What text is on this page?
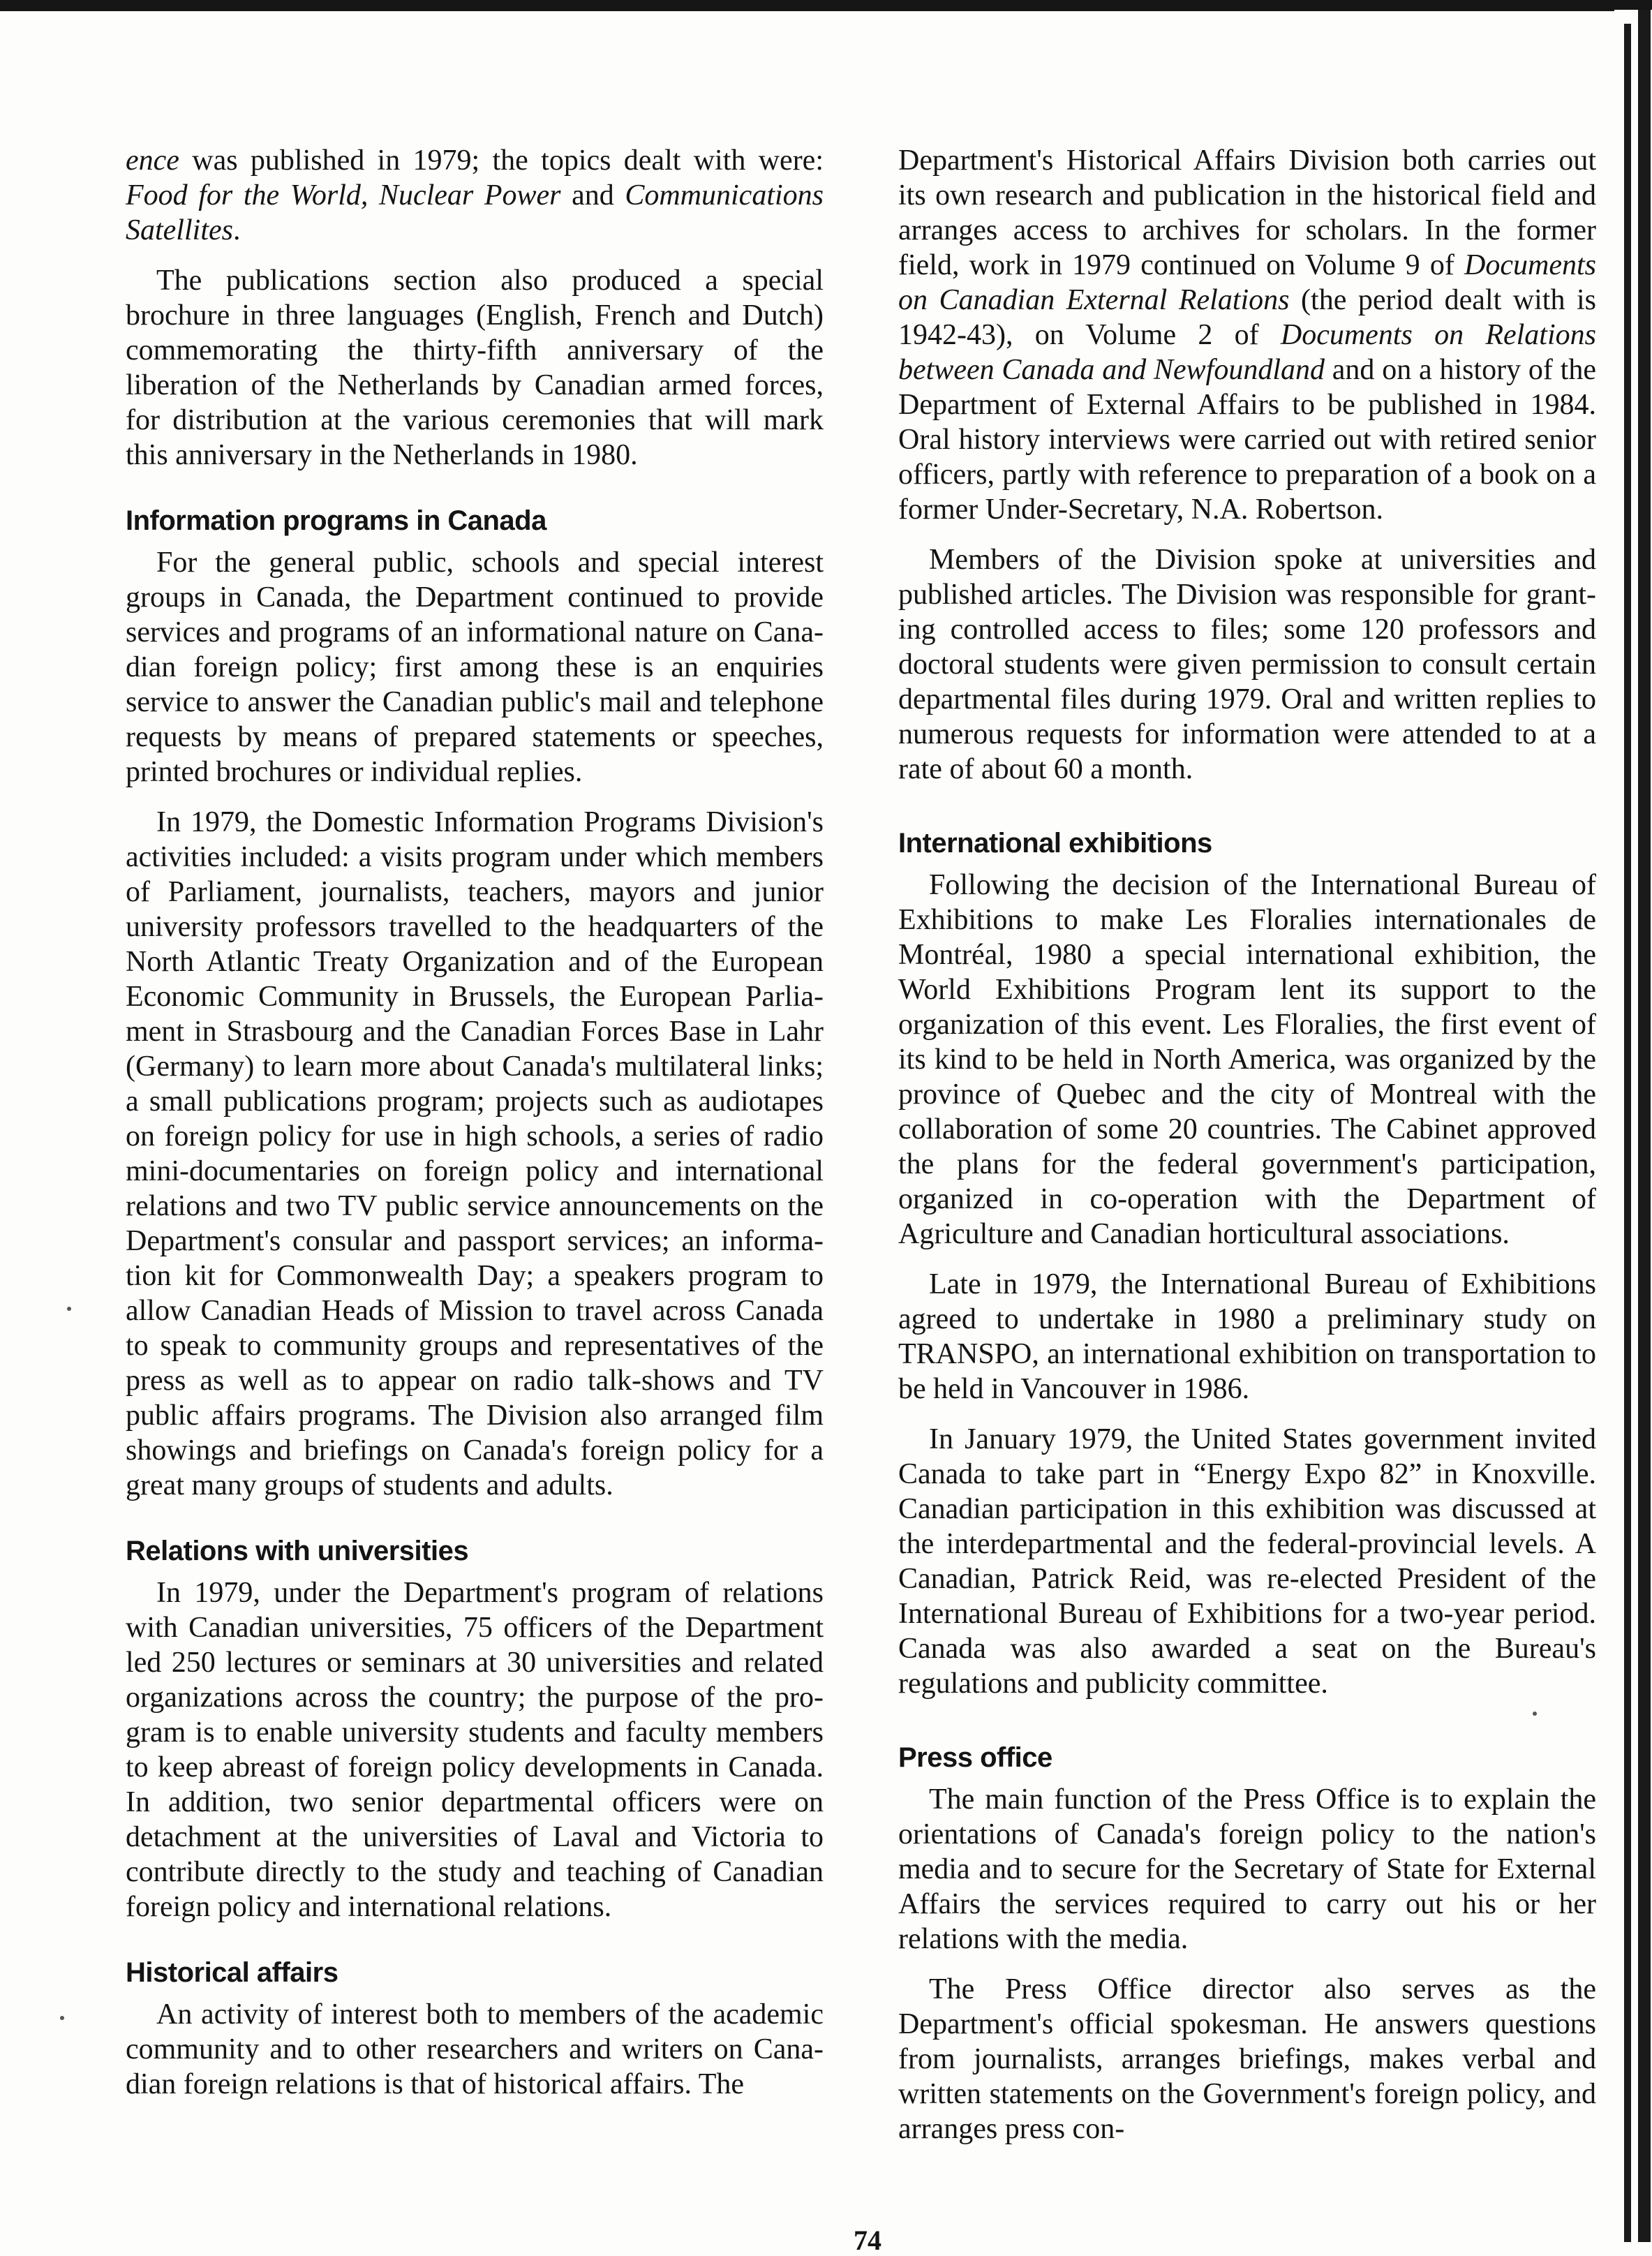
ence was published in 1979; the topics dealt with were: Food for the World, Nuclear Power and Communications Satellites.

The publications section also produced a special brochure in three languages (English, French and Dutch) commemorating the thirty-fifth anniversary of the liberation of the Netherlands by Canadian armed forces, for distribution at the various ceremonies that will mark this anniversary in the Netherlands in 1980.

Information programs in Canada

For the general public, schools and special interest groups in Canada, the Department continued to provide services and programs of an informational nature on Canadian foreign policy; first among these is an enquiries service to answer the Canadian public's mail and telephone requests by means of prepared statements or speeches, printed brochures or individual replies.

In 1979, the Domestic Information Programs Division's activities included: a visits program under which members of Parliament, journalists, teachers, mayors and junior university professors travelled to the headquarters of the North Atlantic Treaty Organization and of the European Economic Community in Brussels, the European Parliament in Strasbourg and the Canadian Forces Base in Lahr (Germany) to learn more about Canada's multilateral links; a small publications program; projects such as audiotapes on foreign policy for use in high schools, a series of radio mini-documentaries on foreign policy and international relations and two TV public service announcements on the Department's consular and passport services; an information kit for Commonwealth Day; a speakers program to allow Canadian Heads of Mission to travel across Canada to speak to community groups and representatives of the press as well as to appear on radio talk-shows and TV public affairs programs. The Division also arranged film showings and briefings on Canada's foreign policy for a great many groups of students and adults.

Relations with universities

In 1979, under the Department's program of relations with Canadian universities, 75 officers of the Department led 250 lectures or seminars at 30 universities and related organizations across the country; the purpose of the program is to enable university students and faculty members to keep abreast of foreign policy developments in Canada. In addition, two senior departmental officers were on detachment at the universities of Laval and Victoria to contribute directly to the study and teaching of Canadian foreign policy and international relations.

Historical affairs

An activity of interest both to members of the academic community and to other researchers and writers on Canadian foreign relations is that of historical affairs. The

Department's Historical Affairs Division both carries out its own research and publication in the historical field and arranges access to archives for scholars. In the former field, work in 1979 continued on Volume 9 of Documents on Canadian External Relations (the period dealt with is 1942-43), on Volume 2 of Documents on Relations between Canada and Newfoundland and on a history of the Department of External Affairs to be published in 1984. Oral history interviews were carried out with retired senior officers, partly with reference to preparation of a book on a former Under-Secretary, N.A. Robertson.

Members of the Division spoke at universities and published articles. The Division was responsible for granting controlled access to files; some 120 professors and doctoral students were given permission to consult certain departmental files during 1979. Oral and written replies to numerous requests for information were attended to at a rate of about 60 a month.

International exhibitions

Following the decision of the International Bureau of Exhibitions to make Les Floralies internationales de Montréal, 1980 a special international exhibition, the World Exhibitions Program lent its support to the organization of this event. Les Floralies, the first event of its kind to be held in North America, was organized by the province of Quebec and the city of Montreal with the collaboration of some 20 countries. The Cabinet approved the plans for the federal government's participation, organized in co-operation with the Department of Agriculture and Canadian horticultural associations.

Late in 1979, the International Bureau of Exhibitions agreed to undertake in 1980 a preliminary study on TRANSPO, an international exhibition on transportation to be held in Vancouver in 1986.

In January 1979, the United States government invited Canada to take part in “Energy Expo 82” in Knoxville. Canadian participation in this exhibition was discussed at the interdepartmental and the federal-provincial levels. A Canadian, Patrick Reid, was re-elected President of the International Bureau of Exhibitions for a two-year period. Canada was also awarded a seat on the Bureau's regulations and publicity committee.

Press office

The main function of the Press Office is to explain the orientations of Canada's foreign policy to the nation's media and to secure for the Secretary of State for External Affairs the services required to carry out his or her relations with the media.

The Press Office director also serves as the Department's official spokesman. He answers questions from journalists, arranges briefings, makes verbal and written statements on the Government's foreign policy, and arranges press con-

74
